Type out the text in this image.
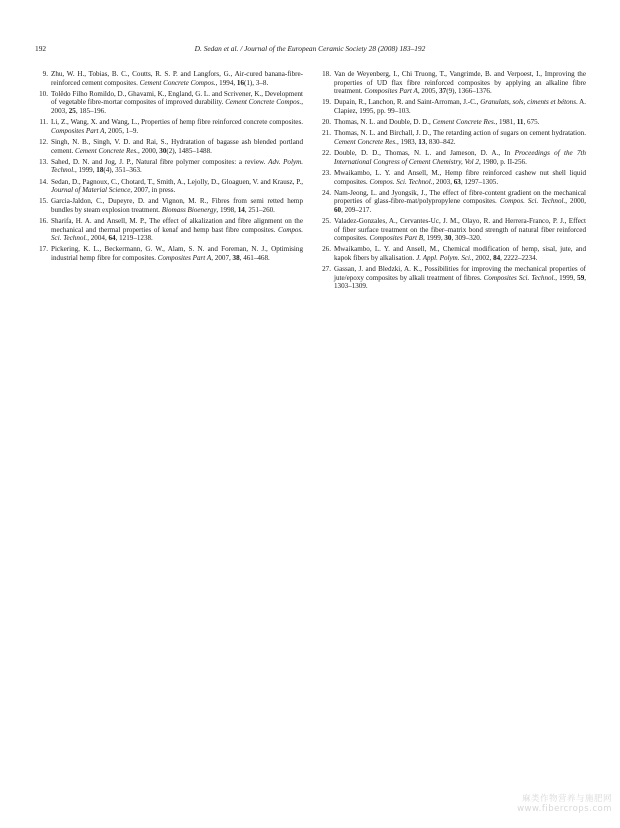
192	D. Sedan et al. / Journal of the European Ceramic Society 28 (2008) 183–192
9. Zhu, W. H., Tobias, B. C., Coutts, R. S. P. and Langfors, G., Air-cured banana-fibre-reinforced cement composites. Cement Concrete Compos., 1994, 16(1), 3–8.
10. Tolêdo Filho Romildo, D., Ghavami, K., England, G. L. and Scrivener, K., Development of vegetable fibre-mortar composites of improved durability. Cement Concrete Compos., 2003, 25, 185–196.
11. Li, Z., Wang, X. and Wang, L., Properties of hemp fibre reinforced concrete composites. Composites Part A, 2005, 1–9.
12. Singh, N. B., Singh, V. D. and Rai, S., Hydratation of bagasse ash blended portland cement. Cement Concrete Res., 2000, 30(2), 1485–1488.
13. Sahed, D. N. and Jog, J. P., Natural fibre polymer composites: a review. Adv. Polym. Technol., 1999, 18(4), 351–363.
14. Sedan, D., Pagnoux, C., Chotard, T., Smith, A., Lejolly, D., Gloaguen, V. and Krausz, P., Journal of Material Science, 2007, in press.
15. Garcia-Jaldon, C., Dupeyre, D. and Vignon, M. R., Fibres from semi retted hemp bundles by steam explosion treatment. Biomass Bioenergy, 1998, 14, 251–260.
16. Sharifa, H. A. and Ansell, M. P., The effect of alkalization and fibre alignment on the mechanical and thermal properties of kenaf and hemp bast fibre composites. Compos. Sci. Technol., 2004, 64, 1219–1238.
17. Pickering, K. L., Beckermann, G. W., Alam, S. N. and Foreman, N. J., Optimising industrial hemp fibre for composites. Composites Part A, 2007, 38, 461–468.
18. Van de Weyenberg, I., Chi Truong, T., Vangrimde, B. and Verpoest, I., Improving the properties of UD flax fibre reinforced composites by applying an alkaline fibre treatment. Composites Part A, 2005, 37(9), 1366–1376.
19. Dupain, R., Lanchon, R. and Saint-Arroman, J.-C., Granulats, sols, ciments et bétons. A. Clapiez, 1995, pp. 99–103.
20. Thomas, N. L. and Double, D. D., Cement Concrete Res., 1981, 11, 675.
21. Thomas, N. L. and Birchall, J. D., The retarding action of sugars on cement hydratation. Cement Concrete Res., 1983, 13, 830–842.
22. Double, D. D., Thomas, N. L. and Jameson, D. A., In Proceedings of the 7th International Congress of Cement Chemistry, Vol 2, 1980, p. II-256.
23. Mwaikambo, L. Y. and Ansell, M., Hemp fibre reinforced cashew nut shell liquid composites. Compos. Sci. Technol., 2003, 63, 1297–1305.
24. Nam-Jeong, L. and Jyongsik, J., The effect of fibre-content gradient on the mechanical properties of glass-fibre-mat/polypropylene composites. Compos. Sci. Technol., 2000, 60, 209–217.
25. Valadez-Gonzales, A., Cervantes-Uc, J. M., Olayo, R. and Herrera-Franco, P. J., Effect of fiber surface treatment on the fiber–matrix bond strength of natural fiber reinforced composites. Composites Part B, 1999, 30, 309–320.
26. Mwaikambo, L. Y. and Ansell, M., Chemical modification of hemp, sisal, jute, and kapok fibers by alkalisation. J. Appl. Polym. Sci., 2002, 84, 2222–2234.
27. Gassan, J. and Bledzki, A. K., Possibilities for improving the mechanical properties of jute/epoxy composites by alkali treatment of fibres. Composites Sci. Technol., 1999, 59, 1303–1309.
麻类作物营养与施肥网
www.fibercrops.com
